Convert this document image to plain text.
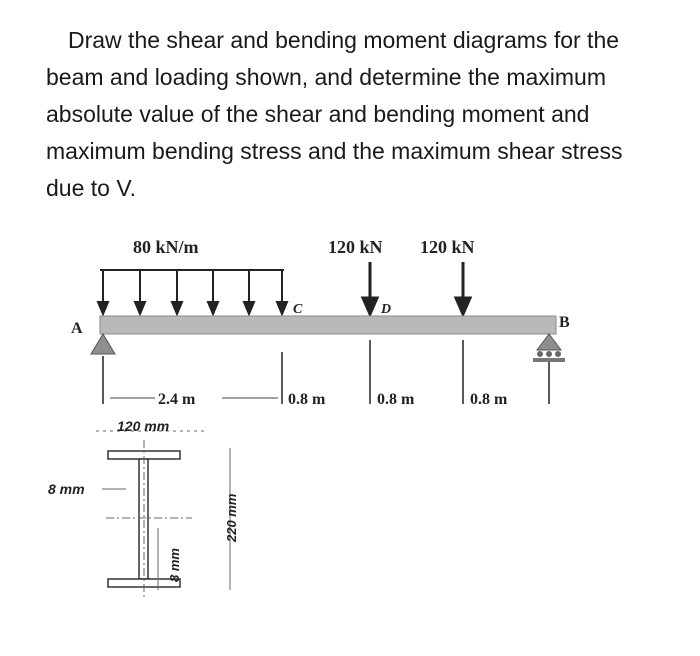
Draw the shear and bending moment diagrams for the beam and loading shown, and determine the maximum absolute value of the shear and bending moment and maximum bending stress and the maximum shear stress due to V.

80 kN/m	120 kN 120 kN
A	B
C	D
2.4 m	0.8 m	0.8 m	0.8 m
120 mm
8 mm
8 mm
220 mm
